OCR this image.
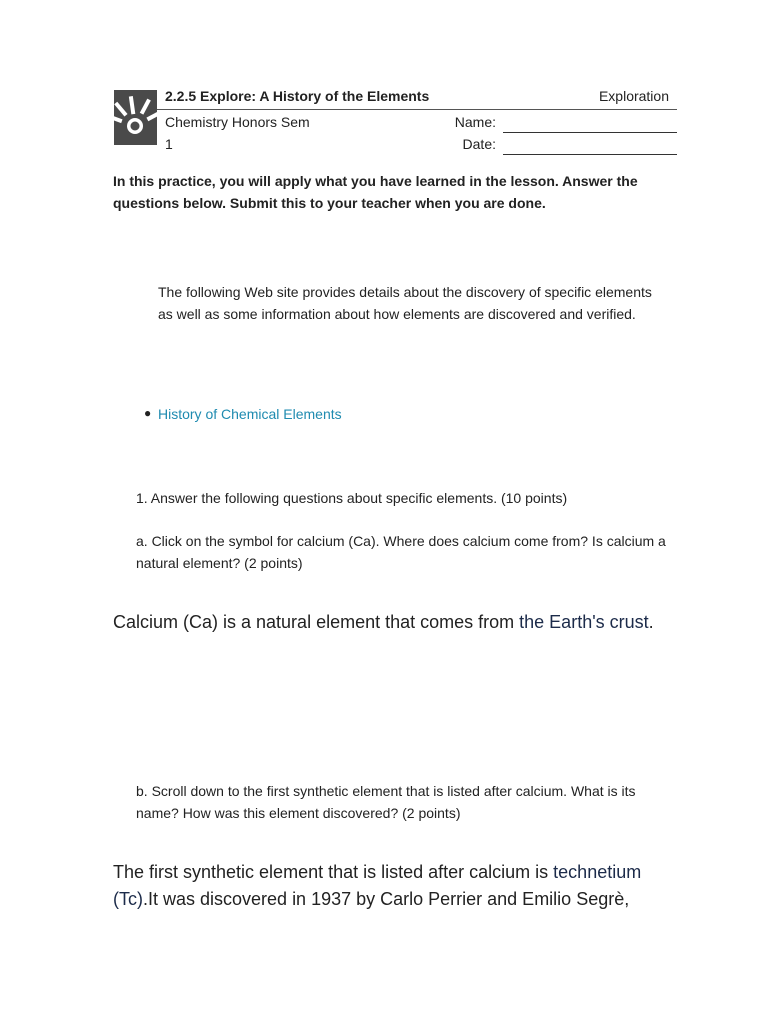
2.2.5 Explore: A History of the Elements	Exploration
Chemistry Honors Sem
1
Name:
Date:
In this practice, you will apply what you have learned in the lesson. Answer the questions below. Submit this to your teacher when you are done.
The following Web site provides details about the discovery of specific elements as well as some information about how elements are discovered and verified.
● History of Chemical Elements
1. Answer the following questions about specific elements. (10 points)
a. Click on the symbol for calcium (Ca). Where does calcium come from? Is calcium a natural element? (2 points)
Calcium (Ca) is a natural element that comes from the Earth's crust.
b. Scroll down to the first synthetic element that is listed after calcium. What is its name? How was this element discovered? (2 points)
The first synthetic element that is listed after calcium is technetium (Tc).It was discovered in 1937 by Carlo Perrier and Emilio Segrè,
